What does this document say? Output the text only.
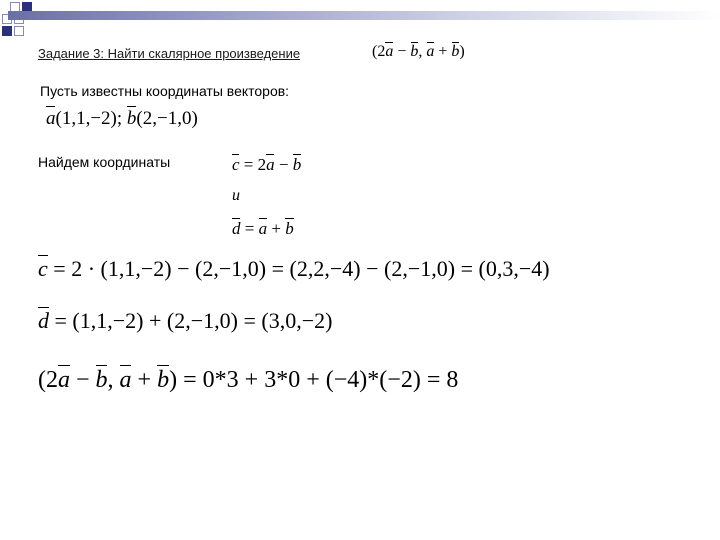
Задание 3: Найти скалярное произведение	(2a − b, a + b)
Пусть известны координаты векторов:
a(1,1,−2); b(2,−1,0)
Найдем координаты	c = 2a − b
и
d = a + b
c = 2 · (1,1,−2) − (2,−1,0) = (2,2,−4) − (2,−1,0) = (0,3,−4)
d = (1,1,−2) + (2,−1,0) = (3,0,−2)
(2a − b, a + b) = 0*3 + 3*0 + (−4)*(−2) = 8
